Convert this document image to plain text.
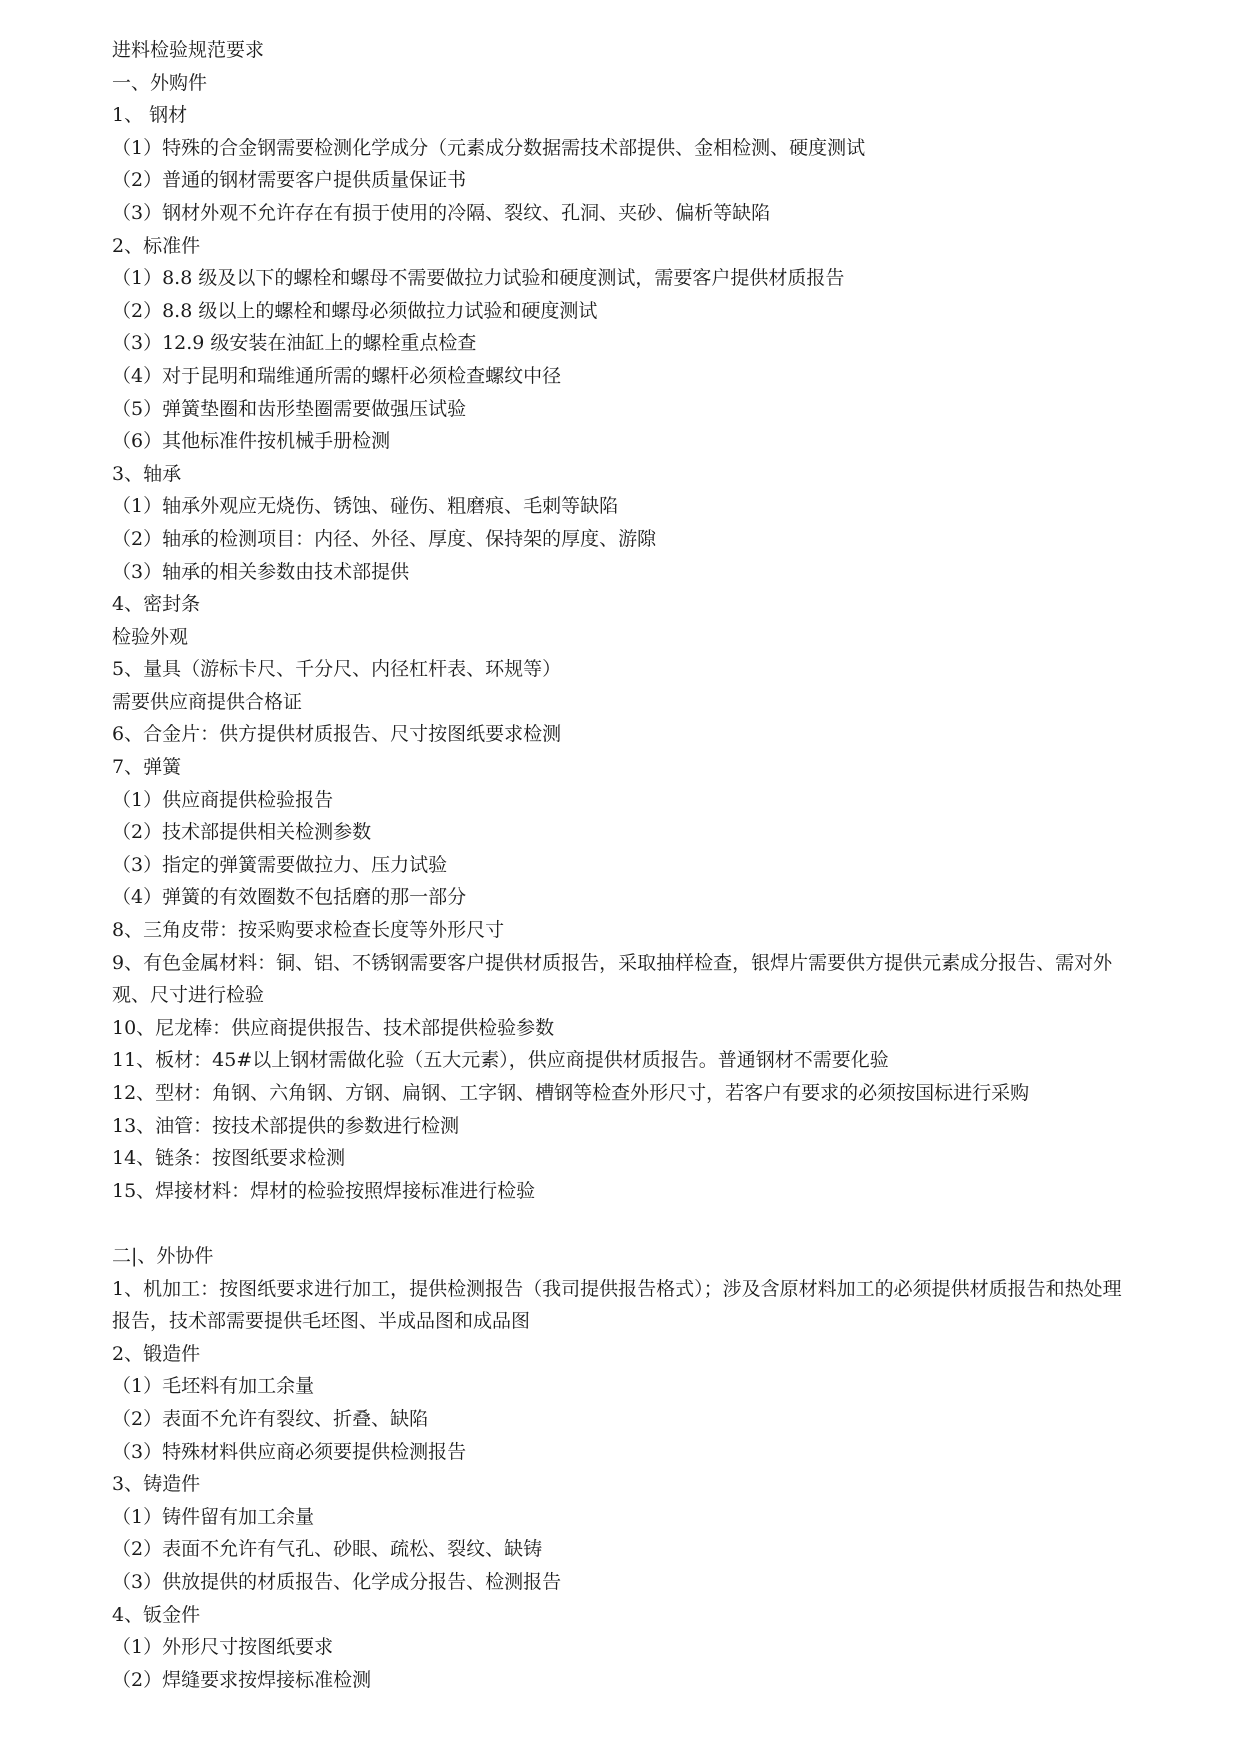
进料检验规范要求

一、外购件

1、 钢材

（1）特殊的合金钢需要检测化学成分（元素成分数据需技术部提供、金相检测、硬度测试

（2）普通的钢材需要客户提供质量保证书

（3）钢材外观不允许存在有损于使用的冷隔、裂纹、孔洞、夹砂、偏析等缺陷

2、标准件

（1）8.8 级及以下的螺栓和螺母不需要做拉力试验和硬度测试，需要客户提供材质报告

（2）8.8 级以上的螺栓和螺母必须做拉力试验和硬度测试

（3）12.9 级安装在油缸上的螺栓重点检查

（4）对于昆明和瑞维通所需的螺杆必须检查螺纹中径

（5）弹簧垫圈和齿形垫圈需要做强压试验

（6）其他标准件按机械手册检测

3、轴承

（1）轴承外观应无烧伤、锈蚀、碰伤、粗磨痕、毛刺等缺陷

（2）轴承的检测项目：内径、外径、厚度、保持架的厚度、游隙

（3）轴承的相关参数由技术部提供

4、密封条

检验外观

5、量具（游标卡尺、千分尺、内径杠杆表、环规等）

需要供应商提供合格证

6、合金片：供方提供材质报告、尺寸按图纸要求检测

7、弹簧

（1）供应商提供检验报告

（2）技术部提供相关检测参数

（3）指定的弹簧需要做拉力、压力试验

（4）弹簧的有效圈数不包括磨的那一部分

8、三角皮带：按采购要求检查长度等外形尺寸

9、有色金属材料：铜、铝、不锈钢需要客户提供材质报告，采取抽样检查，银焊片需要供方提供元素成分报告、需对外观、尺寸进行检验

10、尼龙棒：供应商提供报告、技术部提供检验参数

11、板材：45#以上钢材需做化验（五大元素），供应商提供材质报告。普通钢材不需要化验

12、型材：角钢、六角钢、方钢、扁钢、工字钢、槽钢等检查外形尺寸，若客户有要求的必须按国标进行采购

13、油管：按技术部提供的参数进行检测

14、链条：按图纸要求检测

15、焊接材料：焊材的检验按照焊接标准进行检验

二|、外协件

1、机加工：按图纸要求进行加工，提供检测报告（我司提供报告格式）；涉及含原材料加工的必须提供材质报告和热处理报告，技术部需要提供毛坯图、半成品图和成品图

2、锻造件

（1）毛坯料有加工余量

（2）表面不允许有裂纹、折叠、缺陷

（3）特殊材料供应商必须要提供检测报告

3、铸造件

（1）铸件留有加工余量

（2）表面不允许有气孔、砂眼、疏松、裂纹、缺铸

（3）供放提供的材质报告、化学成分报告、检测报告

4、钣金件

（1）外形尺寸按图纸要求

（2）焊缝要求按焊接标准检测
